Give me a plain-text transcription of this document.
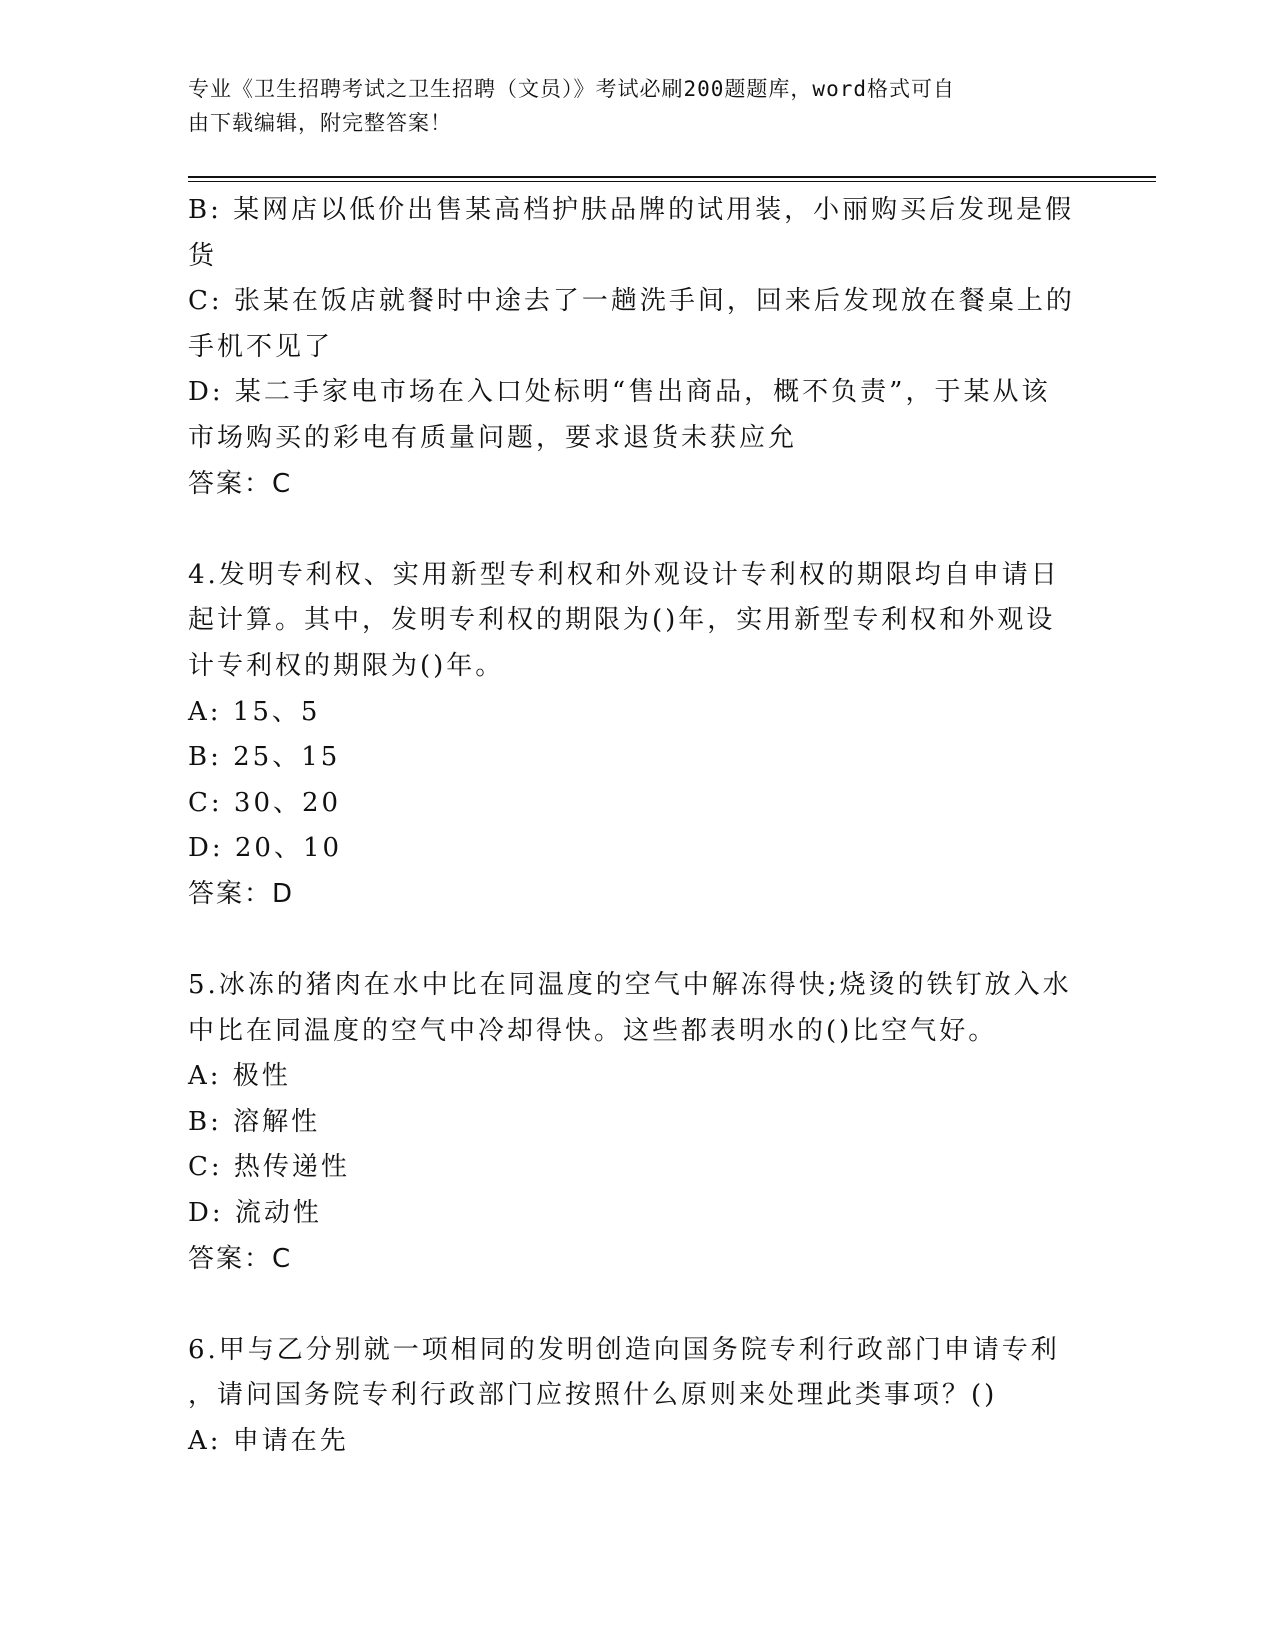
专业《卫生招聘考试之卫生招聘（文员）》考试必刷200题题库，word格式可自
由下载编辑，附完整答案！
B: 某网店以低价出售某高档护肤品牌的试用装，小丽购买后发现是假
货
C: 张某在饭店就餐时中途去了一趟洗手间，回来后发现放在餐桌上的
手机不见了
D: 某二手家电市场在入口处标明“售出商品，概不负责”，于某从该
市场购买的彩电有质量问题，要求退货未获应允
答案：C
4.发明专利权、实用新型专利权和外观设计专利权的期限均自申请日
起计算。其中，发明专利权的期限为()年，实用新型专利权和外观设
计专利权的期限为()年。
A: 15、5
B: 25、15
C: 30、20
D: 20、10
答案：D
5.冰冻的猪肉在水中比在同温度的空气中解冻得快;烧烫的铁钉放入水
中比在同温度的空气中冷却得快。这些都表明水的()比空气好。
A: 极性
B: 溶解性
C: 热传递性
D: 流动性
答案：C
6.甲与乙分别就一项相同的发明创造向国务院专利行政部门申请专利
，请问国务院专利行政部门应按照什么原则来处理此类事项？()
A: 申请在先
